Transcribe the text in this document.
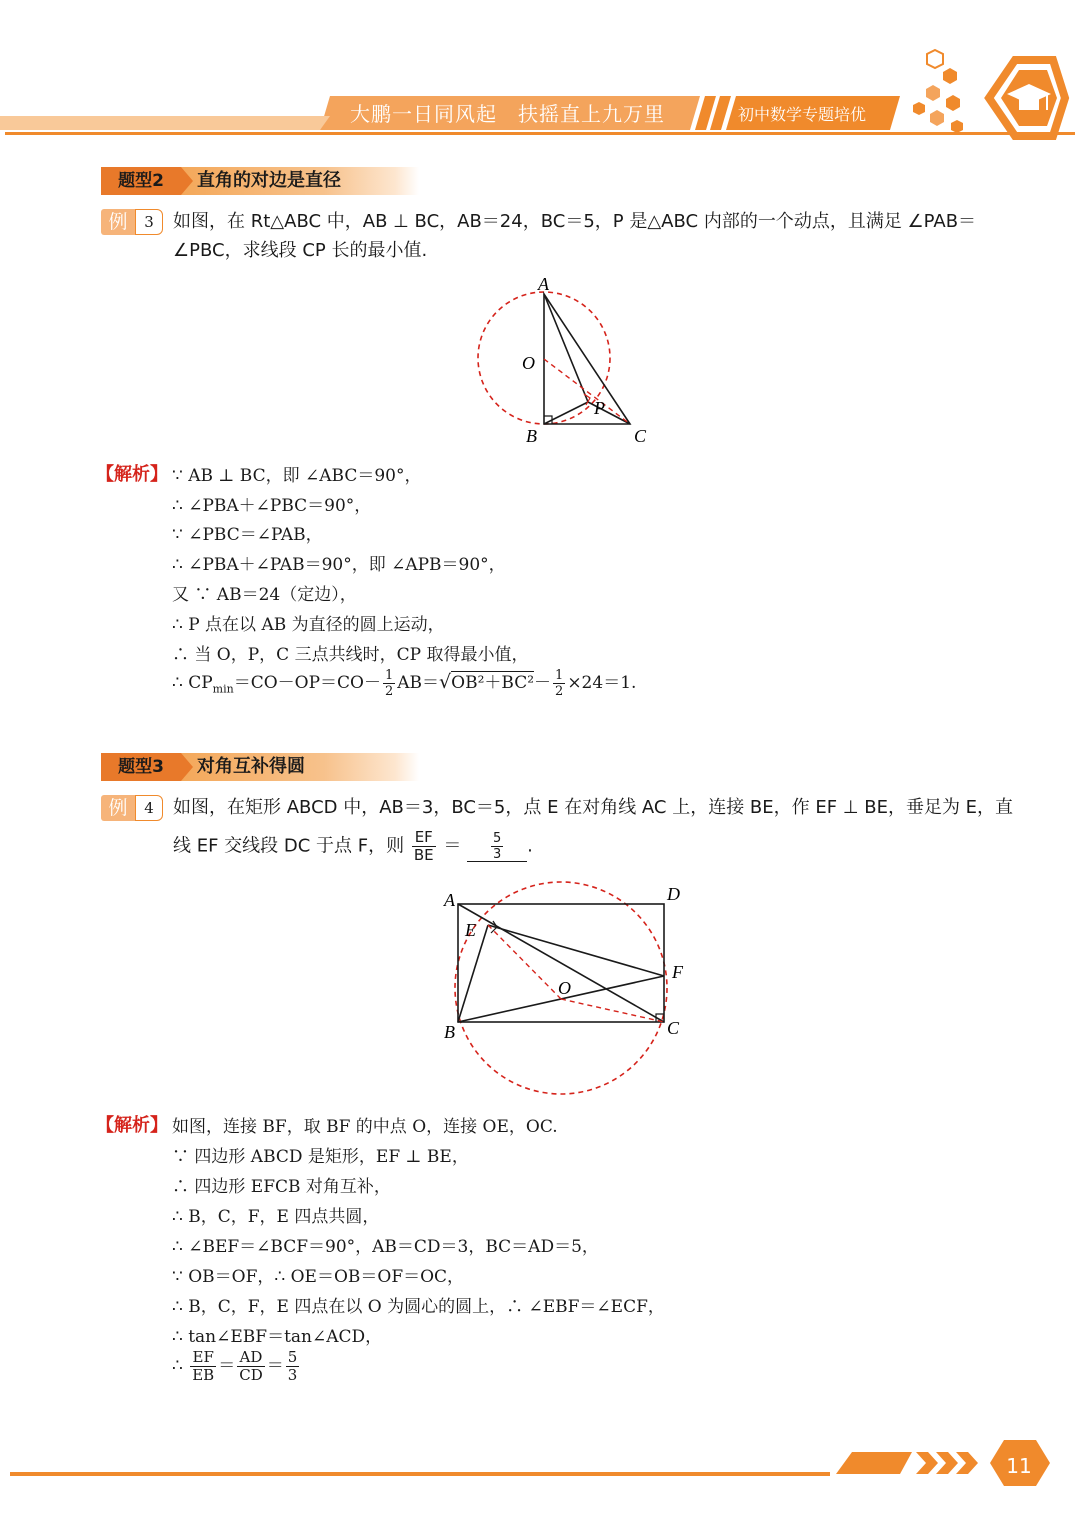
大鹏一日同风起　扶摇直上九万里	初中数学专题培优
直角的对边是直径
题型2
例	3	如图，在 Rt△ABC 中，AB ⊥ BC，AB＝24，BC＝5，P 是△ABC 内部的一个动点，且满足 ∠PAB＝
∠PBC，求线段 CP 长的最小值.
A
O
P
B	C
【解析】 ∵ AB ⊥ BC，即 ∠ABC＝90°，
∴ ∠PBA＋∠PBC＝90°，
∵ ∠PBC＝∠PAB，
∴ ∠PBA＋∠PAB＝90°，即 ∠APB＝90°，
又 ∵ AB＝24（定边），
∴ P 点在以 AB 为直径的圆上运动，
∴ 当 O，P，C 三点共线时，CP 取得最小值，
∴ $CP_{min}=CO-OP=CO- \frac{1}{2} AB=√OB^2+BC^2- \frac{1}{2} \times 24=1$.
对角互补得圆
题型3
例	4	如图，在矩形 ABCD 中，AB＝3，BC＝5，点 E 在对角线 AC 上，连接 BE，作 EF ⊥ BE，垂足为 E，直
线 EF 交线段 DC 于点 F，则 $\frac{EF}{BE} = \frac{5}{3}$ .
A	D
E
F
O
B	C
【解析】 如图，连接 BF，取 BF 的中点 O，连接 OE，OC.
∵ 四边形 ABCD 是矩形，EF ⊥ BE，
∴ 四边形 EFCB 对角互补，
∴ B，C，F，E 四点共圆，
∴ ∠BEF＝∠BCF＝90°，AB＝CD＝3，BC＝AD＝5，
∵ OB＝OF，∴ OE＝OB＝OF＝OC，
∴ B，C，F，E 四点在以 O 为圆心的圆上，∴ ∠EBF＝∠ECF，
∴ tan∠EBF＝tan∠ACD，
∴ $\frac{EF}{EB} = \frac{AD}{CD} = \frac{5}{3}$
11
